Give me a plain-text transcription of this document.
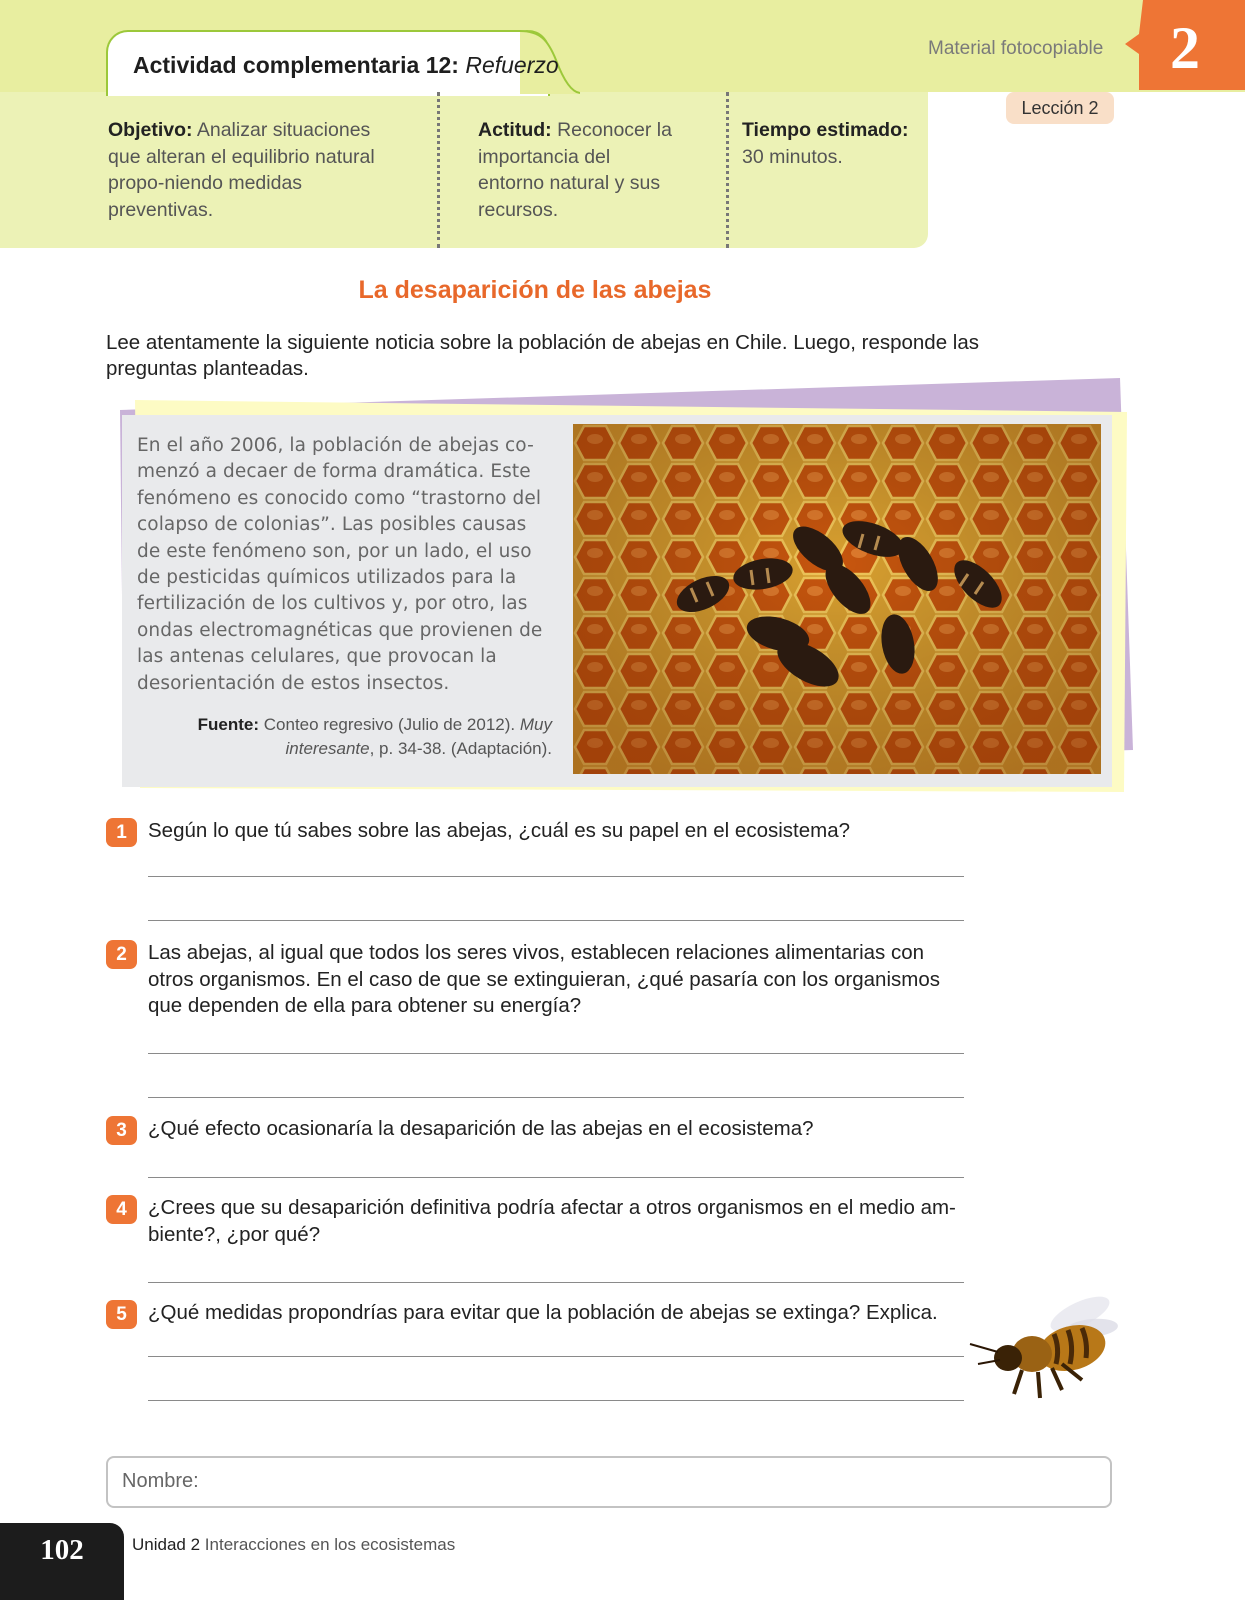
Actividad complementaria 12: Refuerzo
Material fotocopiable	2
Lección 2
Objetivo: Analizar situaciones que alteran el equilibrio natural propo-niendo medidas preventivas.
Actitud: Reconocer la importancia del entorno natural y sus recursos.
Tiempo estimado:
30 minutos.
La desaparición de las abejas
Lee atentamente la siguiente noticia sobre la población de abejas en Chile. Luego, responde las preguntas planteadas.
En el año 2006, la población de abejas co-menzó a decaer de forma dramática. Este fenómeno es conocido como “trastorno del colapso de colonias”. Las posibles causas de este fenómeno son, por un lado, el uso de pesticidas químicos utilizados para la fertilización de los cultivos y, por otro, las ondas electromagnéticas que provienen de las antenas celulares, que provocan la desorientación de estos insectos.
Fuente: Conteo regresivo (Julio de 2012). Muy interesante, p. 34-38. (Adaptación).
1	Según lo que tú sabes sobre las abejas, ¿cuál es su papel en el ecosistema?
2	Las abejas, al igual que todos los seres vivos, establecen relaciones alimentarias con otros organismos. En el caso de que se extinguieran, ¿qué pasaría con los organismos que dependen de ella para obtener su energía?
3	¿Qué efecto ocasionaría la desaparición de las abejas en el ecosistema?
4	¿Crees que su desaparición definitiva podría afectar a otros organismos en el medio am-biente?, ¿por qué?
5	¿Qué medidas propondrías para evitar que la población de abejas se extinga? Explica.
Nombre:
102	Unidad 2 Interacciones en los ecosistemas
